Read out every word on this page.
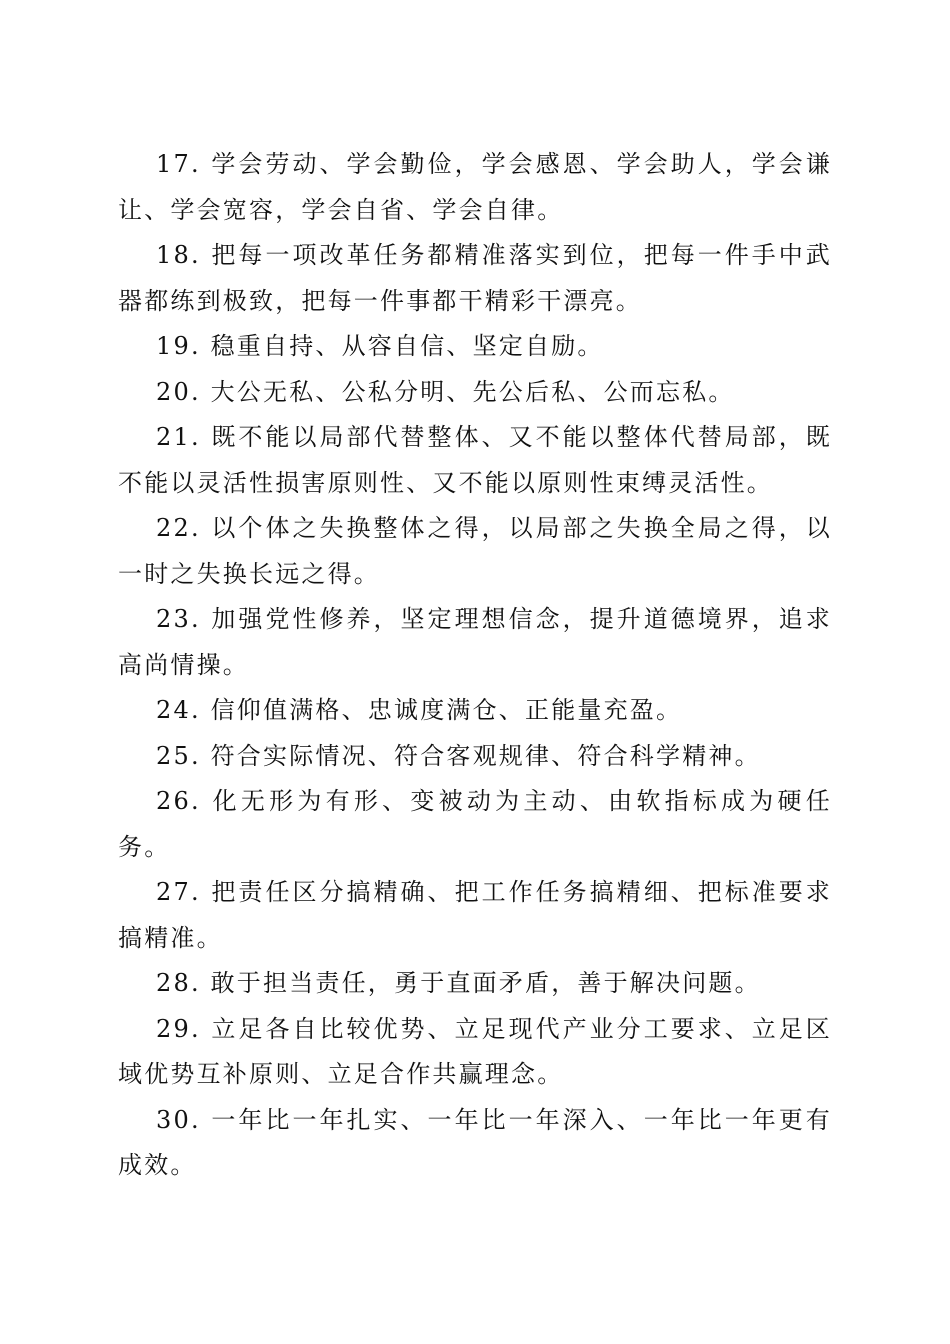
17. 学会劳动、学会勤俭，学会感恩、学会助人，学会谦让、学会宽容，学会自省、学会自律。

18. 把每一项改革任务都精准落实到位，把每一件手中武器都练到极致，把每一件事都干精彩干漂亮。

19. 稳重自持、从容自信、坚定自励。

20. 大公无私、公私分明、先公后私、公而忘私。

21. 既不能以局部代替整体、又不能以整体代替局部，既不能以灵活性损害原则性、又不能以原则性束缚灵活性。

22. 以个体之失换整体之得，以局部之失换全局之得，以一时之失换长远之得。

23. 加强党性修养，坚定理想信念，提升道德境界，追求高尚情操。

24. 信仰值满格、忠诚度满仓、正能量充盈。

25. 符合实际情况、符合客观规律、符合科学精神。

26. 化无形为有形、变被动为主动、由软指标成为硬任务。

27. 把责任区分搞精确、把工作任务搞精细、把标准要求搞精准。

28. 敢于担当责任，勇于直面矛盾，善于解决问题。

29. 立足各自比较优势、立足现代产业分工要求、立足区域优势互补原则、立足合作共赢理念。

30. 一年比一年扎实、一年比一年深入、一年比一年更有成效。
